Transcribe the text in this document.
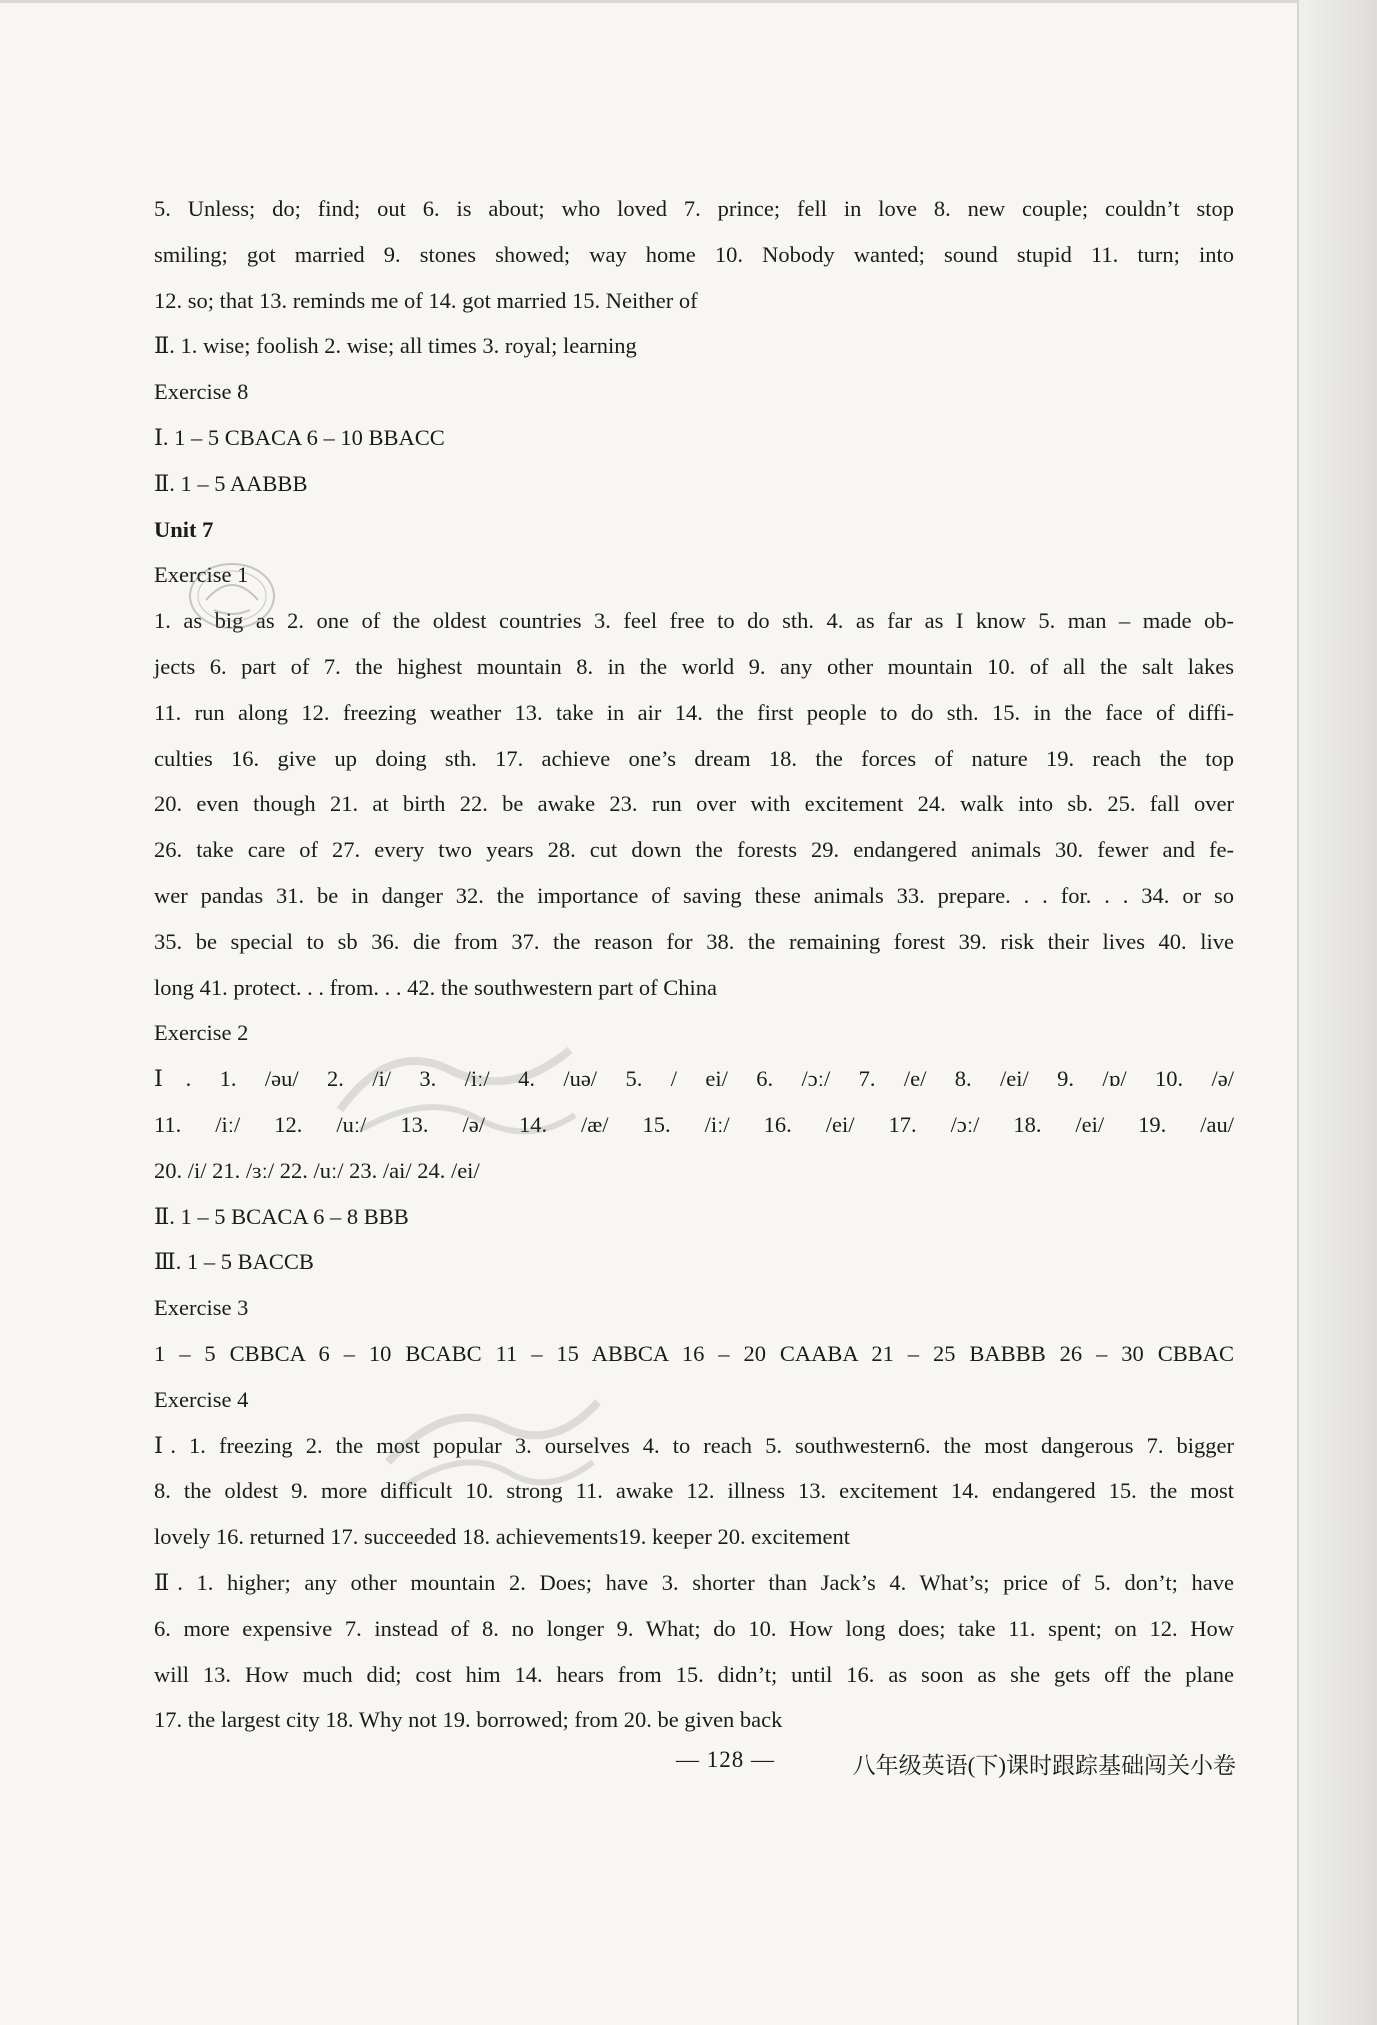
5. Unless; do; find; out 6. is about; who loved 7. prince; fell in love 8. new couple; couldn’t stop
smiling; got married 9. stones showed; way home 10. Nobody wanted; sound stupid 11. turn; into
12. so; that 13. reminds me of 14. got married 15. Neither of
Ⅱ. 1. wise; foolish 2. wise; all times 3. royal; learning
Exercise 8
Ⅰ. 1 – 5 CBACA 6 – 10 BBACC
Ⅱ. 1 – 5 AABBB
Unit 7
Exercise 1
1. as big as 2. one of the oldest countries 3. feel free to do sth. 4. as far as I know 5. man – made ob-
jects 6. part of 7. the highest mountain 8. in the world 9. any other mountain 10. of all the salt lakes
11. run along 12. freezing weather 13. take in air 14. the first people to do sth. 15. in the face of diffi-
culties 16. give up doing sth. 17. achieve one’s dream 18. the forces of nature 19. reach the top
20. even though 21. at birth 22. be awake 23. run over with excitement 24. walk into sb. 25. fall over
26. take care of 27. every two years 28. cut down the forests 29. endangered animals 30. fewer and fe-
wer pandas 31. be in danger 32. the importance of saving these animals 33. prepare. . . for. . . 34. or so
35. be special to sb 36. die from 37. the reason for 38. the remaining forest 39. risk their lives 40. live
long 41. protect. . . from. . . 42. the southwestern part of China
Exercise 2
Ⅰ. 1. /əu/ 2. /i/ 3. /iː/ 4. /uə/ 5. / ei/ 6. /ɔː/ 7. /e/ 8. /ei/ 9. /ɒ/ 10. /ə/
11. /iː/ 12. /uː/ 13. /ə/ 14. /æ/ 15. /iː/ 16. /ei/ 17. /ɔː/ 18. /ei/ 19. /au/
20. /i/ 21. /ɜː/ 22. /uː/ 23. /ai/ 24. /ei/
Ⅱ. 1 – 5 BCACA 6 – 8 BBB
Ⅲ. 1 – 5 BACCB
Exercise 3
1 – 5 CBBCA 6 – 10 BCABC 11 – 15 ABBCA 16 – 20 CAABA 21 – 25 BABBB 26 – 30 CBBAC
Exercise 4
Ⅰ. 1. freezing 2. the most popular 3. ourselves 4. to reach 5. southwestern6. the most dangerous 7. bigger
8. the oldest 9. more difficult 10. strong 11. awake 12. illness 13. excitement 14. endangered 15. the most
lovely 16. returned 17. succeeded 18. achievements19. keeper 20. excitement
Ⅱ. 1. higher; any other mountain 2. Does; have 3. shorter than Jack’s 4. What’s; price of 5. don’t; have
6. more expensive 7. instead of 8. no longer 9. What; do 10. How long does; take 11. spent; on 12. How
will 13. How much did; cost him 14. hears from 15. didn’t; until 16. as soon as she gets off the plane
17. the largest city 18. Why not 19. borrowed; from 20. be given back
— 128 —	八年级英语(下)课时跟踪基础闯关小卷
